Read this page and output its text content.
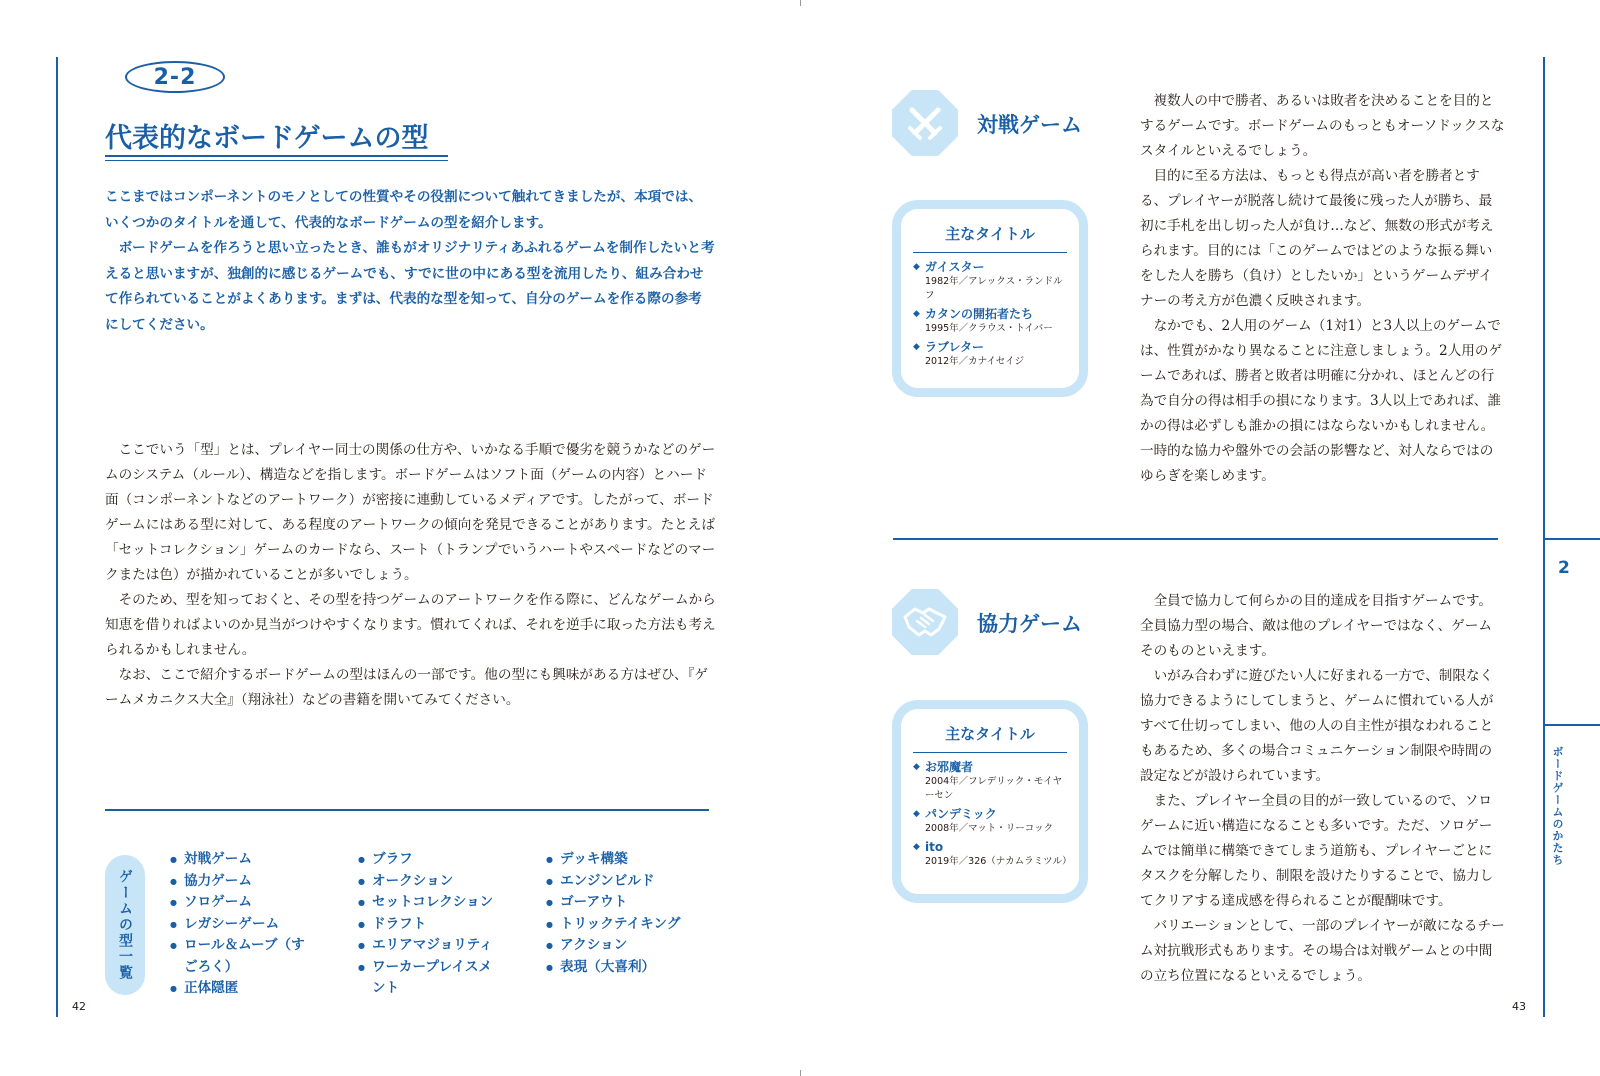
2-2
代表的なボードゲームの型

ここまではコンポーネントのモノとしての性質やその役割について触れてきましたが、本項では、いくつかのタイトルを通して、代表的なボードゲームの型を紹介します。

ボードゲームを作ろうと思い立ったとき、誰もがオリジナリティあふれるゲームを制作したいと考えると思いますが、独創的に感じるゲームでも、すでに世の中にある型を流用したり、組み合わせて作られていることがよくあります。まずは、代表的な型を知って、自分のゲームを作る際の参考にしてください。

ここでいう「型」とは、プレイヤー同士の関係の仕方や、いかなる手順で優劣を競うかなどのゲームのシステム（ルール）、構造などを指します。ボードゲームはソフト面（ゲームの内容）とハード面（コンポーネントなどのアートワーク）が密接に連動しているメディアです。したがって、ボードゲームにはある型に対して、ある程度のアートワークの傾向を発見できることがあります。たとえば「セットコレクション」ゲームのカードなら、スート（トランプでいうハートやスペードなどのマークまたは色）が描かれていることが多いでしょう。

そのため、型を知っておくと、その型を持つゲームのアートワークを作る際に、どんなゲームから知恵を借りればよいのか見当がつけやすくなります。慣れてくれば、それを逆手に取った方法も考えられるかもしれません。

なお、ここで紹介するボードゲームの型はほんの一部です。他の型にも興味がある方はぜひ、『ゲームメカニクス大全』（翔泳社）などの書籍を開いてみてください。

ゲームの型一覧
● 対戦ゲーム
● 協力ゲーム
● ソロゲーム
● レガシーゲーム
● ロール＆ムーブ（すごろく）
● 正体隠匿
● ブラフ
● オークション
● セットコレクション
● ドラフト
● エリアマジョリティ
● ワーカープレイスメント
● デッキ構築
● エンジンビルド
● ゴーアウト
● トリックテイキング
● アクション
● 表現（大喜利）
42
2
ボードゲームのかたち
対戦ゲーム
主なタイトル
◆ ガイスター
1982年／アレックス・ランドルフ
◆ カタンの開拓者たち
1995年／クラウス・トイバー
◆ ラブレター
2012年／カナイセイジ

複数人の中で勝者、あるいは敗者を決めることを目的とするゲームです。ボードゲームのもっともオーソドックスなスタイルといえるでしょう。

目的に至る方法は、もっとも得点が高い者を勝者とする、プレイヤーが脱落し続けて最後に残った人が勝ち、最初に手札を出し切った人が負け…など、無数の形式が考えられます。目的には「このゲームではどのような振る舞いをした人を勝ち（負け）としたいか」というゲームデザイナーの考え方が色濃く反映されます。

なかでも、2人用のゲーム（1対1）と3人以上のゲームでは、性質がかなり異なることに注意しましょう。2人用のゲームであれば、勝者と敗者は明確に分かれ、ほとんどの行為で自分の得は相手の損になります。3人以上であれば、誰かの得は必ずしも誰かの損にはならないかもしれません。一時的な協力や盤外での会話の影響など、対人ならではのゆらぎを楽しめます。

協力ゲーム
主なタイトル
◆ お邪魔者
2004年／フレデリック・モイヤーセン
◆ パンデミック
2008年／マット・リーコック
◆ ito
2019年／326（ナカムラミツル）

全員で協力して何らかの目的達成を目指すゲームです。全員協力型の場合、敵は他のプレイヤーではなく、ゲームそのものといえます。

いがみ合わずに遊びたい人に好まれる一方で、制限なく協力できるようにしてしまうと、ゲームに慣れている人がすべて仕切ってしまい、他の人の自主性が損なわれることもあるため、多くの場合コミュニケーション制限や時間の設定などが設けられています。

また、プレイヤー全員の目的が一致しているので、ソロゲームに近い構造になることも多いです。ただ、ソロゲームでは簡単に構築できてしまう道筋も、プレイヤーごとにタスクを分解したり、制限を設けたりすることで、協力してクリアする達成感を得られることが醍醐味です。

バリエーションとして、一部のプレイヤーが敵になるチーム対抗戦形式もあります。その場合は対戦ゲームとの中間の立ち位置になるといえるでしょう。

43
